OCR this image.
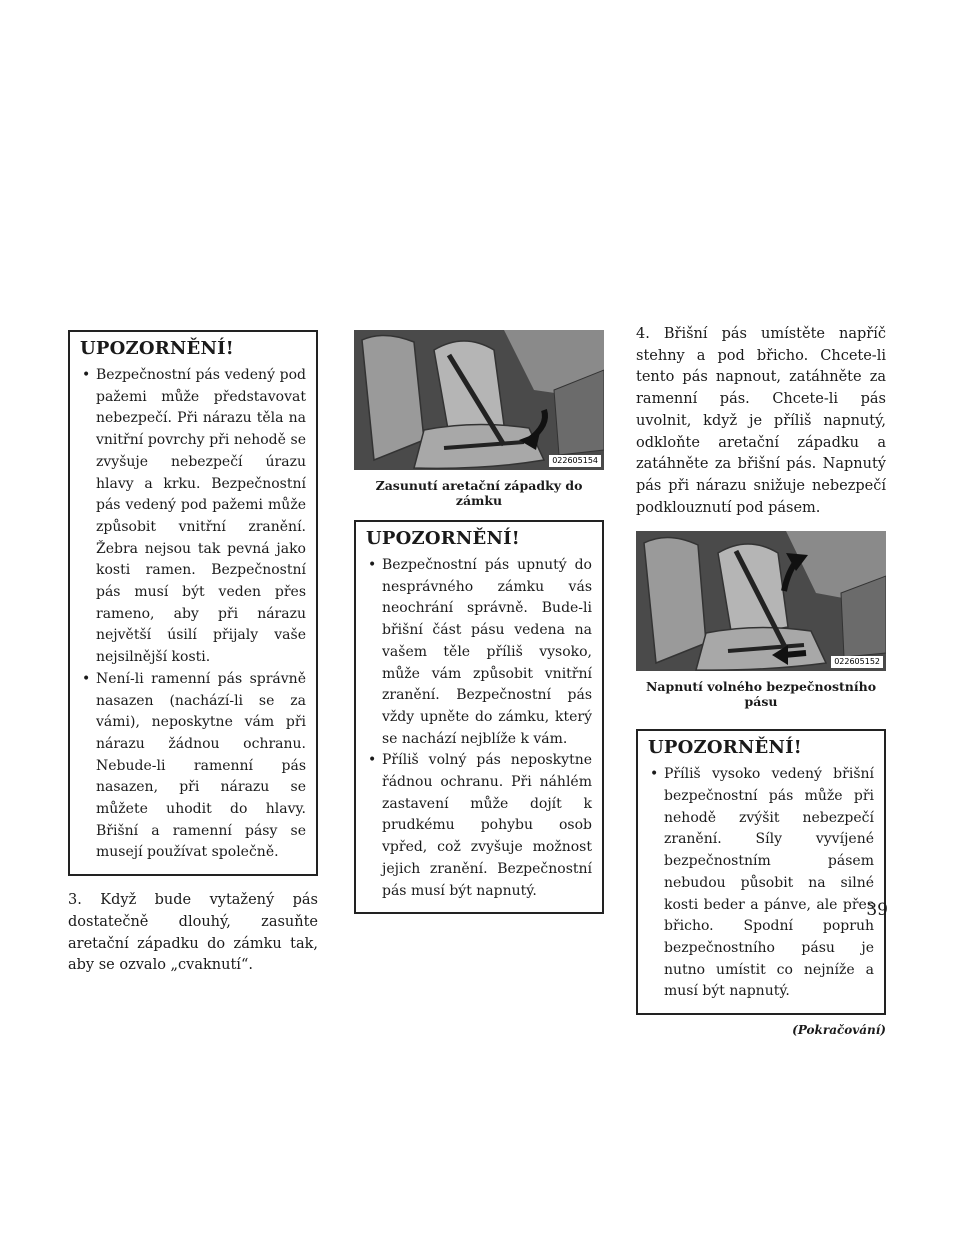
UPOZORNĚNÍ!
• Bezpečnostní pás vedený pod pažemi může představovat nebezpečí. Při nárazu těla na vnitřní povrchy při nehodě se zvyšuje nebezpečí úrazu hlavy a krku. Bezpečnostní pás vedený pod pažemi může způsobit vnitřní zranění. Žebra nejsou tak pevná jako kosti ramen. Bezpečnostní pás musí být veden přes rameno, aby při nárazu největší úsilí přijaly vaše nejsilnější kosti.
• Není-li ramenní pás správně nasazen (nachází-li se za vámi), neposkytne vám při nárazu žádnou ochranu. Nebude-li ramenní pás nasazen, při nárazu se můžete uhodit do hlavy. Břišní a ramenní pásy se musejí používat společně.

3. Když bude vytažený pás dostatečně dlouhý, zasuňte aretační západku do zámku tak, aby se ozvalo „cvaknutí“.

022605154

Zasunutí aretační západky do zámku

UPOZORNĚNÍ!
• Bezpečnostní pás upnutý do nesprávného zámku vás neochrání správně. Bude-li břišní část pásu vedena na vašem těle příliš vysoko, může vám způsobit vnitřní zranění. Bezpečnostní pás vždy upněte do zámku, který se nachází nejblíže k vám.
• Příliš volný pás neposkytne řádnou ochranu. Při náhlém zastavení může dojít k prudkému pohybu osob vpřed, což zvyšuje možnost jejich zranění. Bezpečnostní pás musí být napnutý.

4. Břišní pás umístěte napříč stehny a pod břicho. Chcete-li tento pás napnout, zatáhněte za ramenní pás. Chcete-li pás uvolnit, když je příliš napnutý, odkloňte aretační západku a zatáhněte za břišní pás. Napnutý pás při nárazu snižuje nebezpečí podklouznutí pod pásem.

022605152

Napnutí volného bezpečnostního pásu

UPOZORNĚNÍ!
• Příliš vysoko vedený břišní bezpečnostní pás může při nehodě zvýšit nebezpečí zranění. Síly vyvíjené bezpečnostním pásem nebudou působit na silné kosti beder a pánve, ale přes břicho. Spodní popruh bezpečnostního pásu je nutno umístit co nejníže a musí být napnutý.

(Pokračování)

39
